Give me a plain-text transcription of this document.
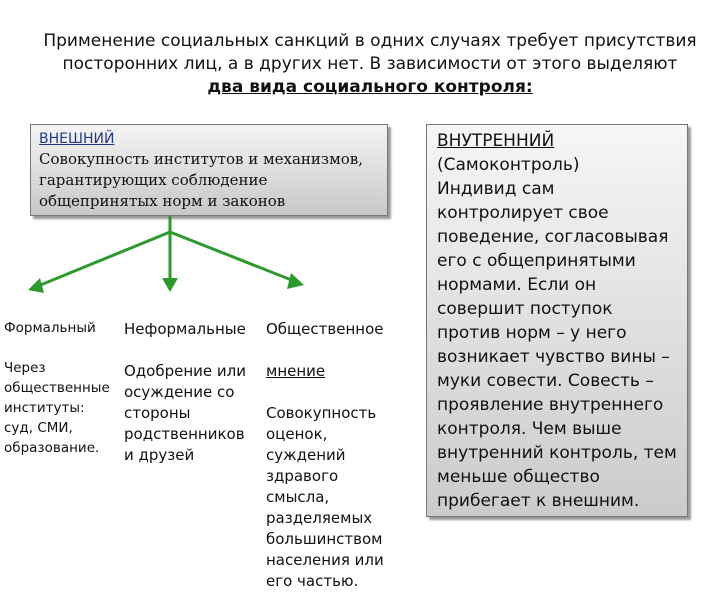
Применение социальных санкций в одних случаях требует присутствия
посторонних лиц, а в других нет. В зависимости от этого выделяют
два вида социального контроля:
ВНЕШНИЙ
Совокупность институтов и механизмов,
гарантирующих соблюдение
общепринятых норм и законов
ВНУТРЕННИЙ
(Самоконтроль)
Индивид сам
контролирует свое
поведение, согласовывая
его с общепринятыми
нормами. Если он
совершит поступок
против норм – у него
возникает чувство вины –
муки совести. Совесть –
проявление внутреннего
контроля. Чем выше
внутренний контроль, тем
меньше общество
прибегает к внешним.

Формальный

Через
общественные
институты:
суд, СМИ,
образование.

Неформальные

Одобрение или
осуждение со
стороны
родственников
и друзей

Общественное

мнение

Совокупность
оценок,
суждений
здравого
смысла,
разделяемых
большинством
населения или
его частью.
